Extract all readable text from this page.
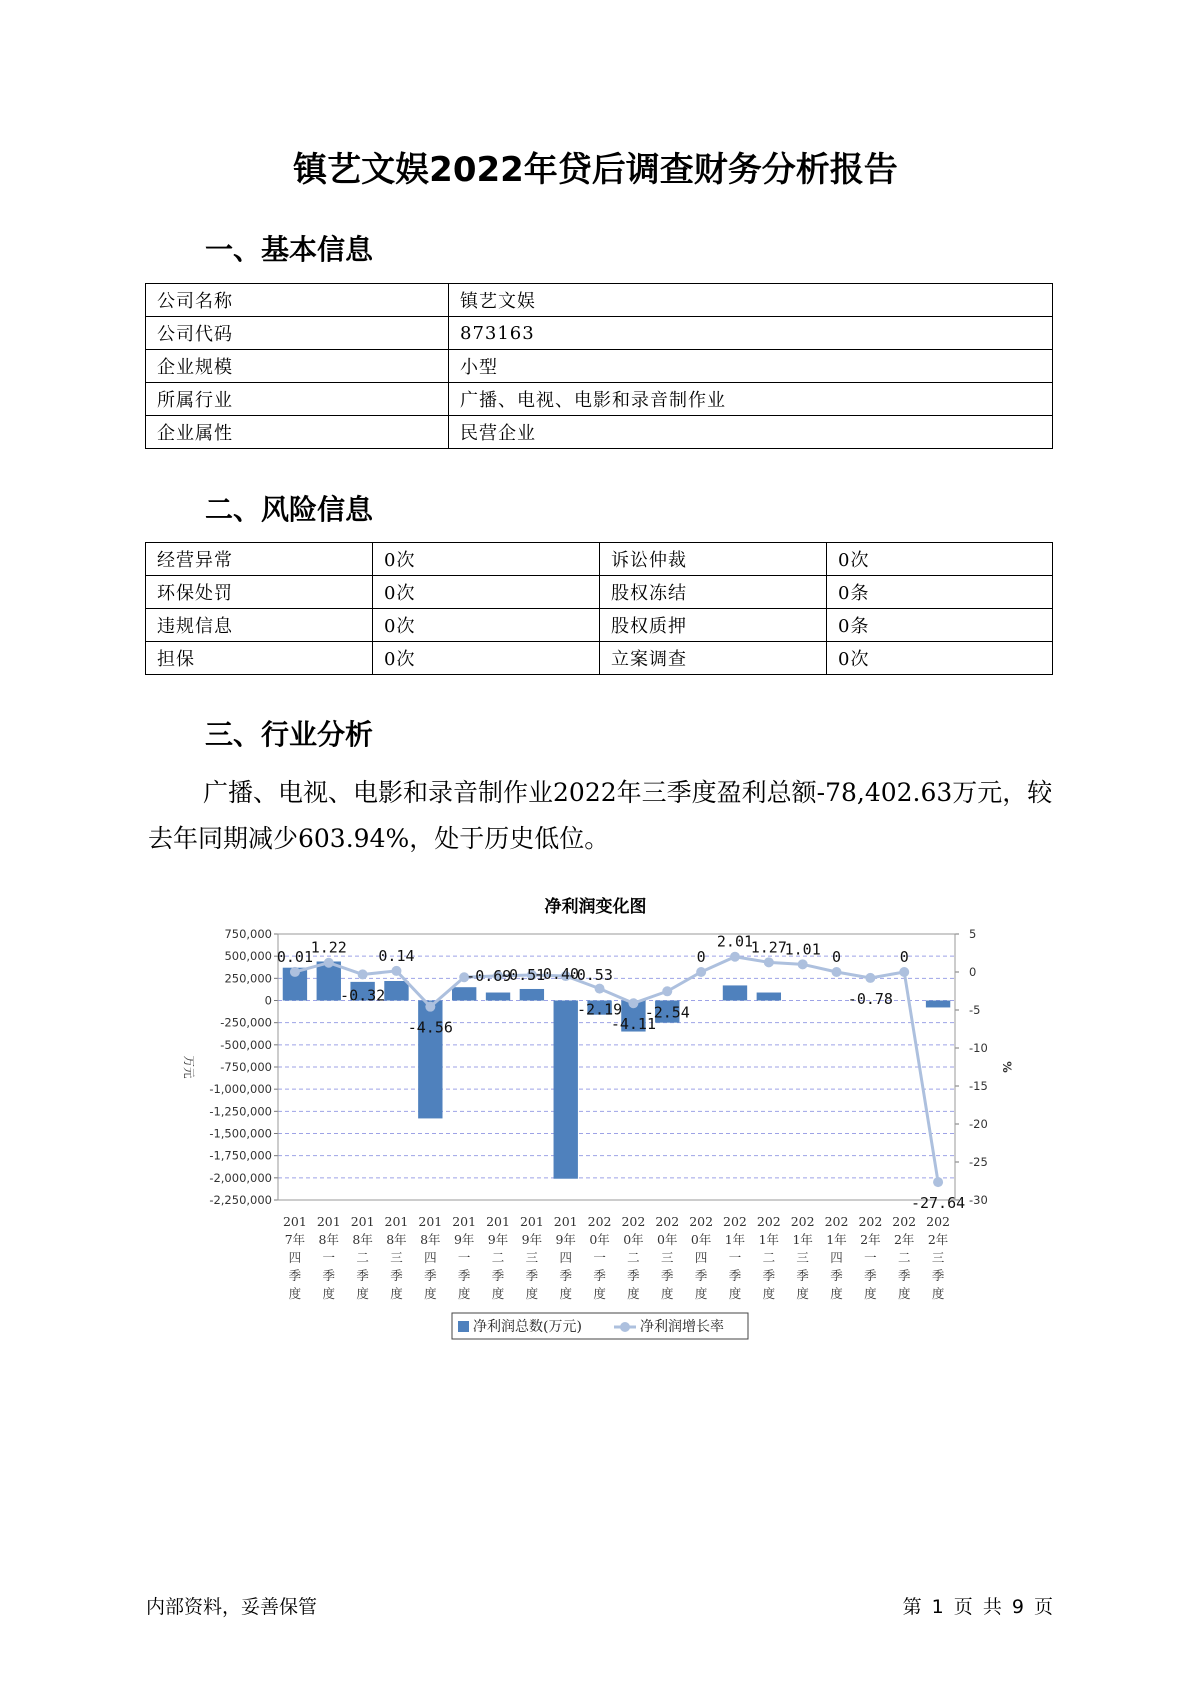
镇艺文娱2022年贷后调查财务分析报告
一、基本信息
公司名称	镇艺文娱
公司代码	873163
企业规模	小型
所属行业	广播、电视、电影和录音制作业
企业属性	民营企业
二、风险信息
经营异常	0次	诉讼仲裁	0次
环保处罚	0次	股权冻结	0条
违规信息	0次	股权质押	0条
担保	0次	立案调查	0次
三、行业分析
广播、电视、电影和录音制作业2022年三季度盈利总额-78,402.63万元，较去年同期减少603.94%，处于历史低位。
净利润变化图
750,000
500,000
250,000
0
-250,000
-500,000
-750,000
-1,000,000
-1,250,000
-1,500,000
-1,750,000
-2,000,000
-2,250,000
5
0
-5
-10
-15
-20
-25
-30
万元	%
0.01
1.22
-0.32
0.14
-4.56
-0.69
-0.51
-0.40
-0.53
-2.19
-4.11
-2.54
0
2.01
1.27
1.01 0
-0.78
0
-27.64
201 7年四季度
201 8年一季度
201 8年二季度
201 8年三季度
201 8年四季度
201 9年一季度
201 9年二季度
201 9年三季度
201 9年四季度
202 0年一季度
202 0年二季度
202 0年三季度
202 0年四季度
202 1年一季度
202 1年二季度
202 1年三季度
202 1年四季度
202 2年一季度
202 2年二季度
202 2年三季度
净利润总数(万元)	净利润增长率
内部资料，妥善保管	第 1 页 共 9 页
